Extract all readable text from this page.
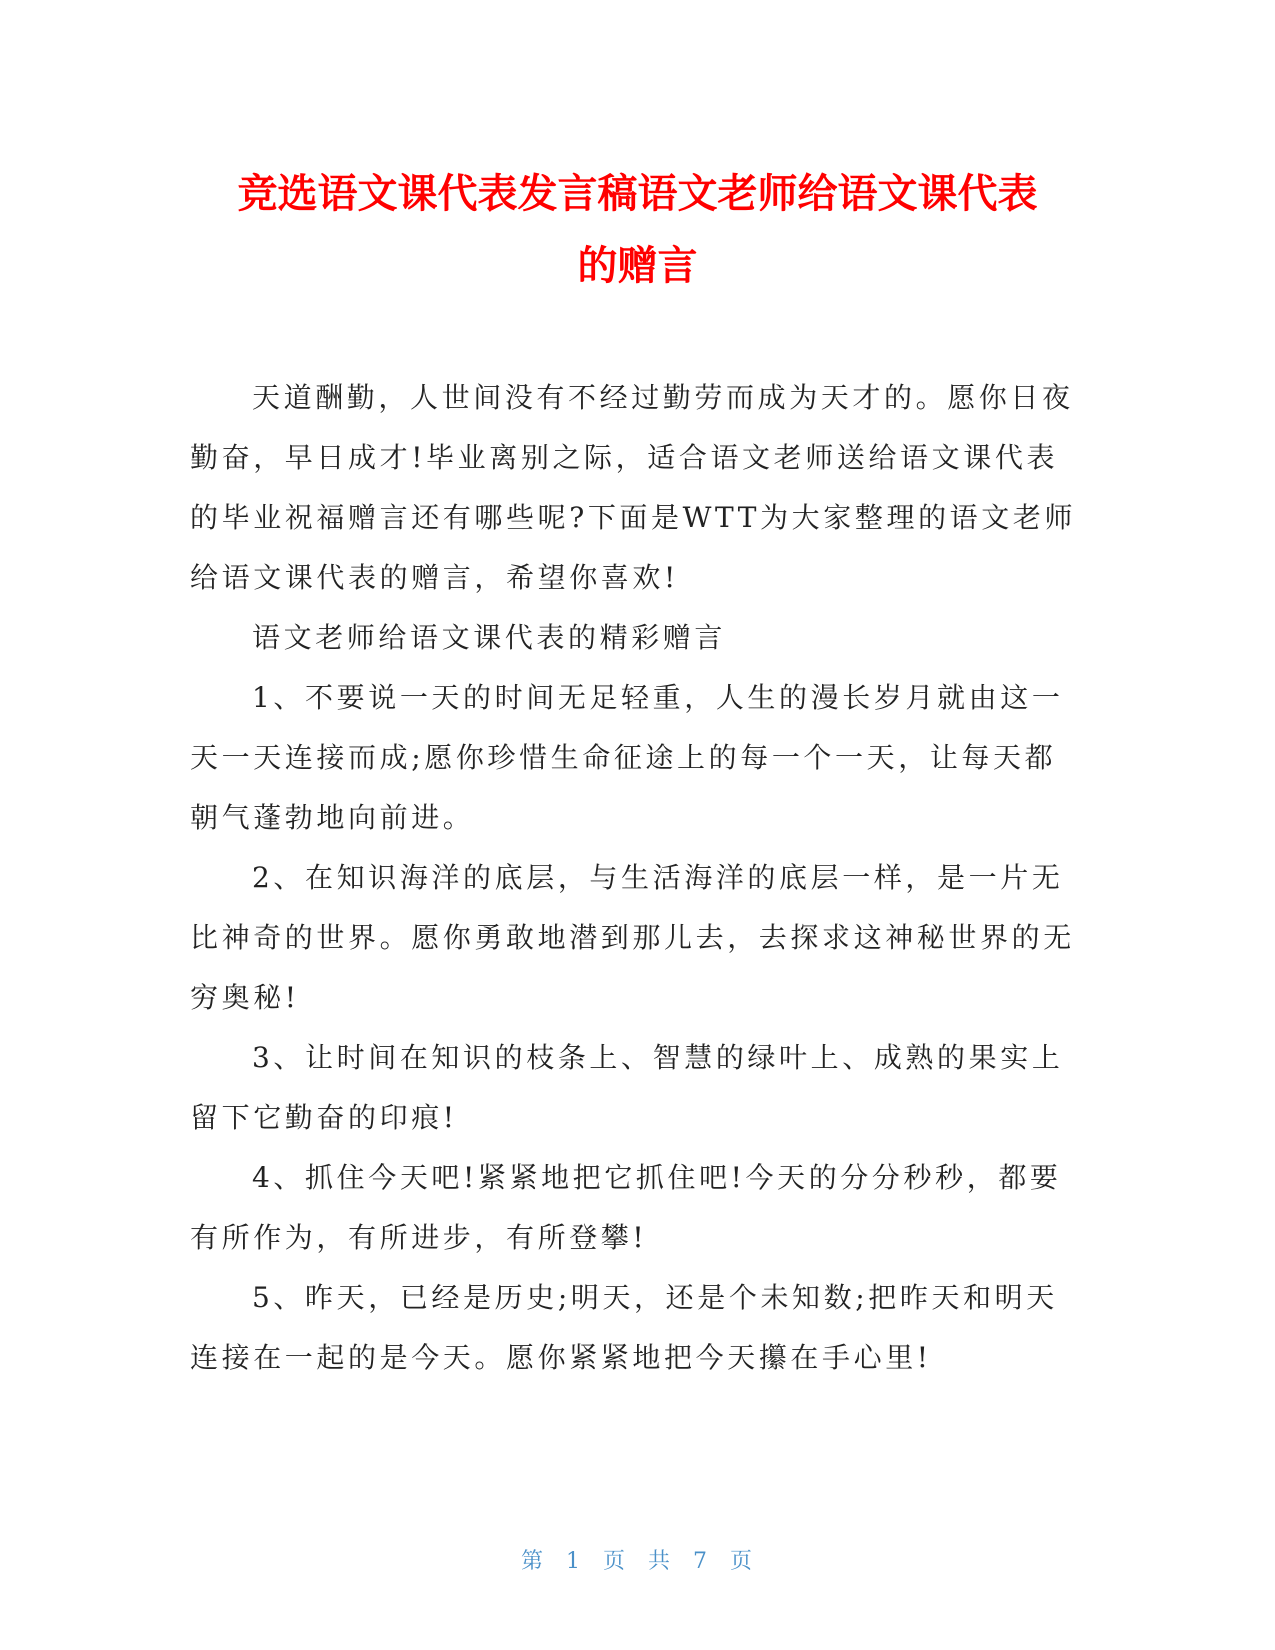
竞选语文课代表发言稿语文老师给语文课代表
的赠言

天道酬勤，人世间没有不经过勤劳而成为天才的。愿你日夜勤奋，早日成才!毕业离别之际，适合语文老师送给语文课代表的毕业祝福赠言还有哪些呢?下面是WTT为大家整理的语文老师给语文课代表的赠言，希望你喜欢!

语文老师给语文课代表的精彩赠言

1、不要说一天的时间无足轻重，人生的漫长岁月就由这一天一天连接而成;愿你珍惜生命征途上的每一个一天，让每天都朝气蓬勃地向前进。

2、在知识海洋的底层，与生活海洋的底层一样，是一片无比神奇的世界。愿你勇敢地潜到那儿去，去探求这神秘世界的无穷奥秘!

3、让时间在知识的枝条上、智慧的绿叶上、成熟的果实上留下它勤奋的印痕!

4、抓住今天吧!紧紧地把它抓住吧!今天的分分秒秒，都要有所作为，有所进步，有所登攀!

5、昨天，已经是历史;明天，还是个未知数;把昨天和明天连接在一起的是今天。愿你紧紧地把今天攥在手心里!

第 1 页 共 7 页
